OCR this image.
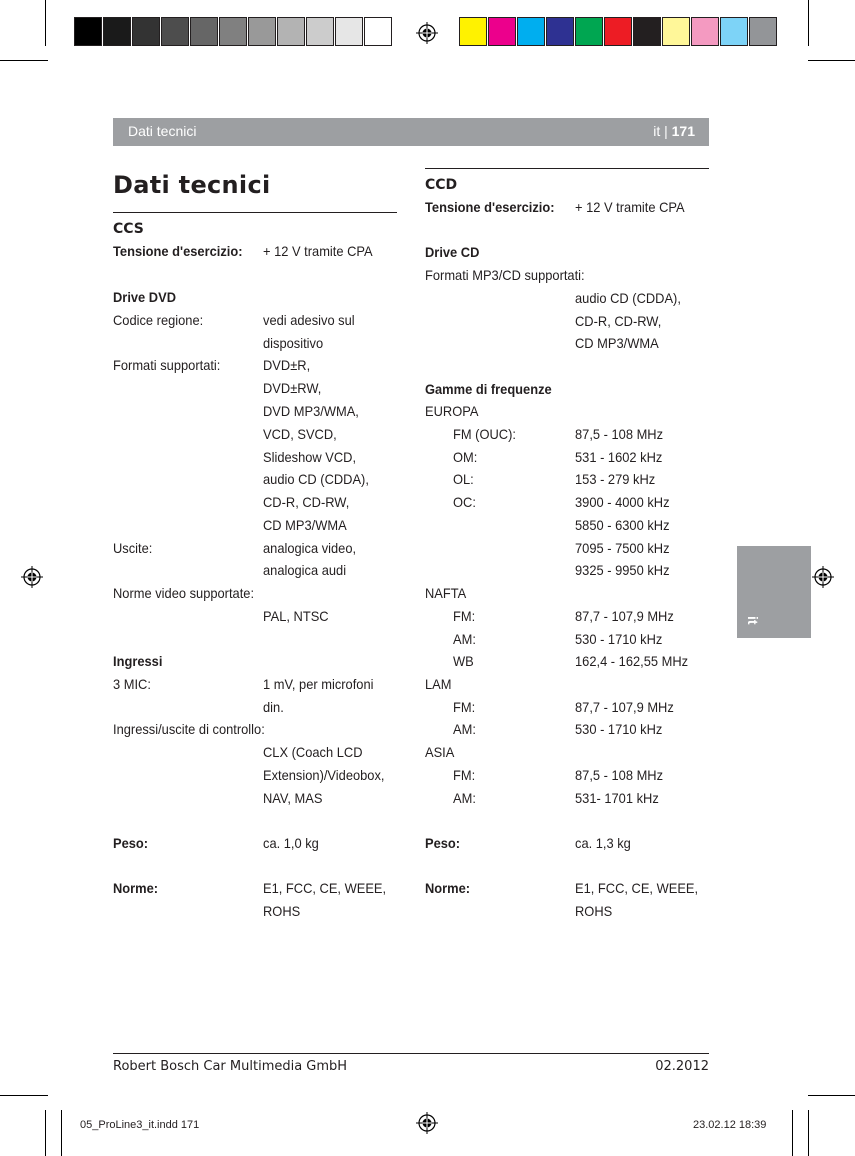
Dati tecnici	it | 171
it
Dati tecnici
CCS
Tensione d'esercizio: + 12 V tramite CPA
Drive DVD
Codice regione:	vedi adesivo sul
dispositivo
Formati supportati:	DVD±R,
DVD±RW,
DVD MP3/WMA,
VCD, SVCD,
Slideshow VCD,
audio CD (CDDA),
CD-R, CD-RW,
CD MP3/WMA
Uscite:	analogica video,
analogica audi
Norme video supportate:
PAL, NTSC
Ingressi
3 MIC:	1 mV, per microfoni
din.
Ingressi/uscite di controllo:
CLX (Coach LCD
Extension)/Videobox,
NAV, MAS
Peso:	ca. 1,0 kg
Norme:	E1, FCC, CE, WEEE,
ROHS
CCD
Tensione d'esercizio: + 12 V tramite CPA
Drive CD
Formati MP3/CD supportati:
audio CD (CDDA),
CD-R, CD-RW,
CD MP3/WMA
Gamme di frequenze
EUROPA
FM (OUC):	87,5 - 108 MHz
OM:	531 - 1602 kHz
OL:	153 - 279 kHz
OC:	3900 - 4000 kHz
5850 - 6300 kHz
7095 - 7500 kHz
9325 - 9950 kHz
NAFTA
FM:	87,7 - 107,9 MHz
AM:	530 - 1710 kHz
WB	162,4 - 162,55 MHz
LAM
FM:	87,7 - 107,9 MHz
AM:	530 - 1710 kHz
ASIA
FM:	87,5 - 108 MHz
AM:	531- 1701 kHz
Peso:	ca. 1,3 kg
Norme:	E1, FCC, CE, WEEE,
ROHS
Robert Bosch Car Multimedia GmbH	02.2012
05_ProLine3_it.indd 171	23.02.12 18:39
